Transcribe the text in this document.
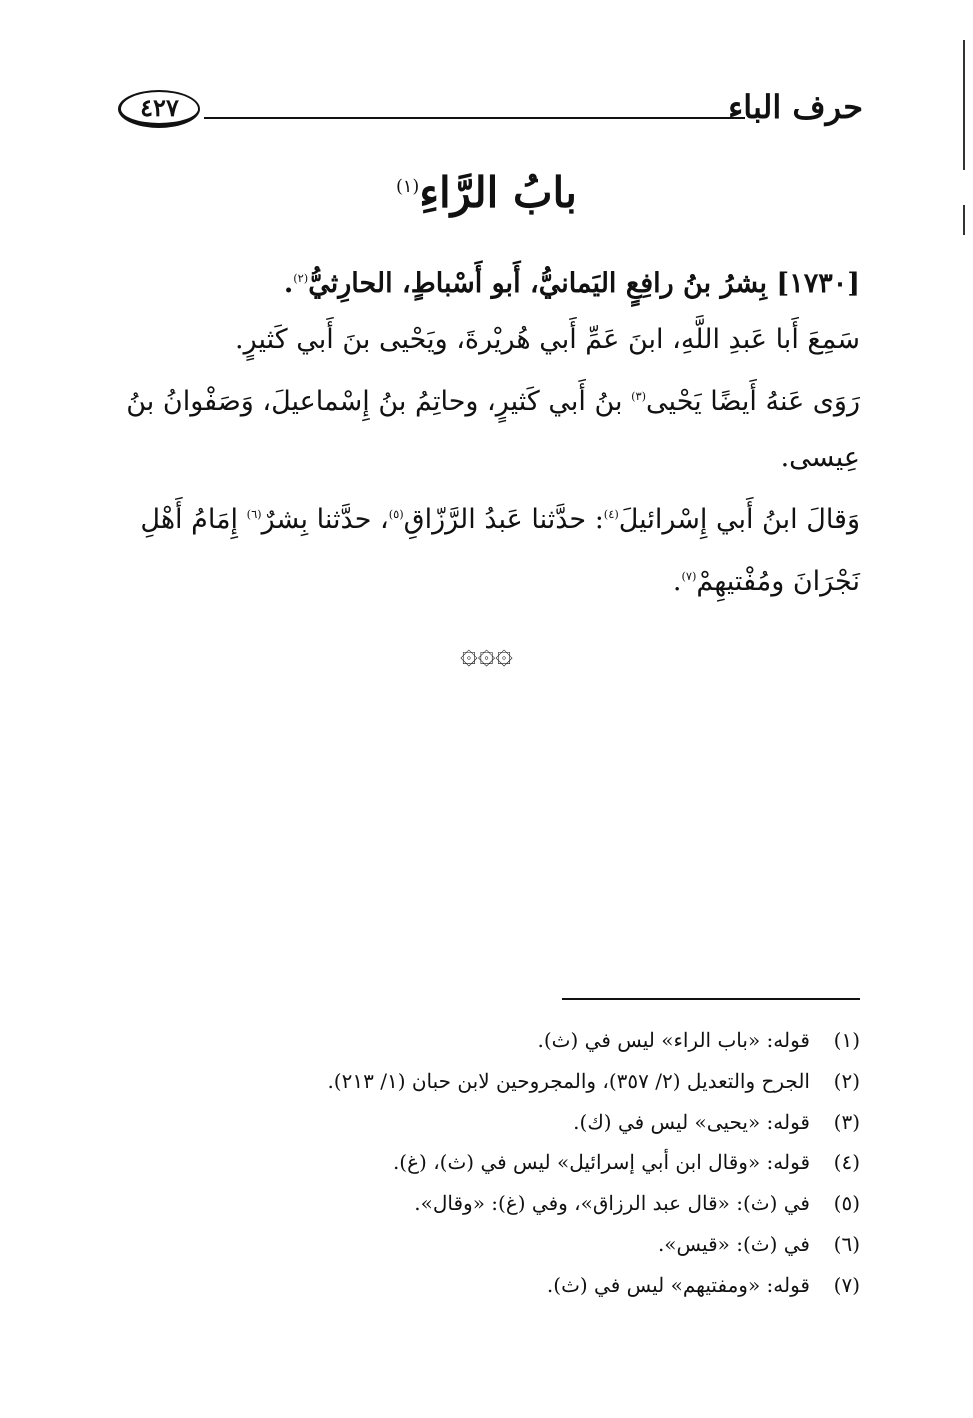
حرف الباء
٤٢٧
بابُ الرَّاءِ$^{(١)}$

[١٧٣٠] بِشرُ بنُ رافِعٍ اليَمانيُّ، أَبو أَسْباطٍ، الحارِثيُّ$^{(٢)}$.

سَمِعَ أَبا عَبدِ اللَّهِ، ابنَ عَمِّ أَبي هُريْرةَ، ويَحْيى بنَ أَبي كَثيرٍ.

رَوَى عَنهُ أَيضًا يَحْيى$^{(٣)}$ بنُ أَبي كَثيرٍ، وحاتِمُ بنُ إِسْماعيلَ، وَصَفْوانُ بنُ عِيسى.

وَقالَ ابنُ أَبي إِسْرائيلَ$^{(٤)}$: حدَّثنا عَبدُ الرَّزّاقِ$^{(٥)}$، حدَّثنا بِشرٌ$^{(٦)}$ إِمَامُ أَهْلِ نَجْرَانَ ومُفْتيهِمْ$^{(٧)}$.

۞۞۞
(١)قوله: «باب الراء» ليس في (ث).
(٢)الجرح والتعديل (٢/ ٣٥٧)، والمجروحين لابن حبان (١/ ٢١٣).
(٣)قوله: «يحيى» ليس في (ك).
(٤)قوله: «وقال ابن أبي إسرائيل» ليس في (ث)، (غ).
(٥)في (ث): «قال عبد الرزاق»، وفي (غ): «وقال».
(٦)في (ث): «قيس».
(٧)قوله: «ومفتيهم» ليس في (ث).
